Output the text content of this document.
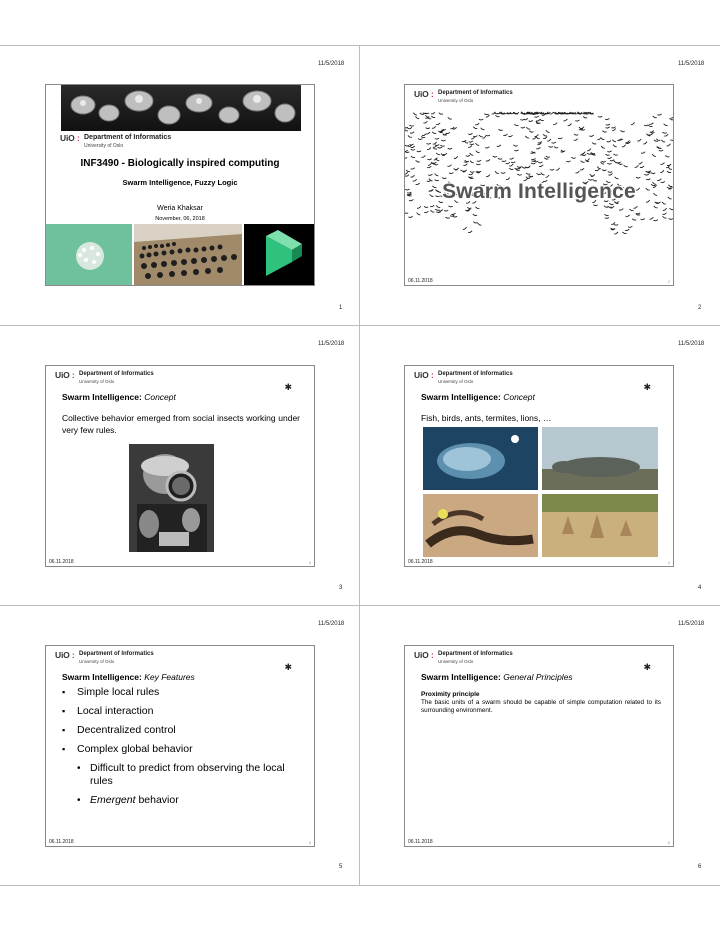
11/5/2018	11/5/2018
11/5/2018	11/5/2018
11/5/2018	11/5/2018
1	2
3	4
5	6
UiO : Department of Informatics
University of Oslo
INF3490 - Biologically inspired computing
Swarm Intelligence, Fuzzy Logic
Weria Khaksar
November, 06, 2018
UiO : Department of Informatics
University of Oslo
Swarm Intelligence
06.11.2018	2
UiO : Department of Informatics
University of Oslo
✱
Swarm Intelligence: Concept
Collective behavior emerged from social insects working under very few rules.
06.11.2018	3
UiO : Department of Informatics
University of Oslo
✱
Swarm Intelligence: Concept
Fish, birds, ants, termites, lions, …
06.11.2018	4
UiO : Department of Informatics
University of Oslo
✱
Swarm Intelligence: Key Features
▪ Simple local rules
▪ Local interaction
▪ Decentralized control
▪ Complex global behavior
• Difficult to predict from observing the local rules
• Emergent behavior
06.11.2018	5
UiO : Department of Informatics
University of Oslo
✱
Swarm Intelligence: General Principles
Proximity principle
The basic units of a swarm should be capable of simple computation related to its surrounding environment.
06.11.2018	6
